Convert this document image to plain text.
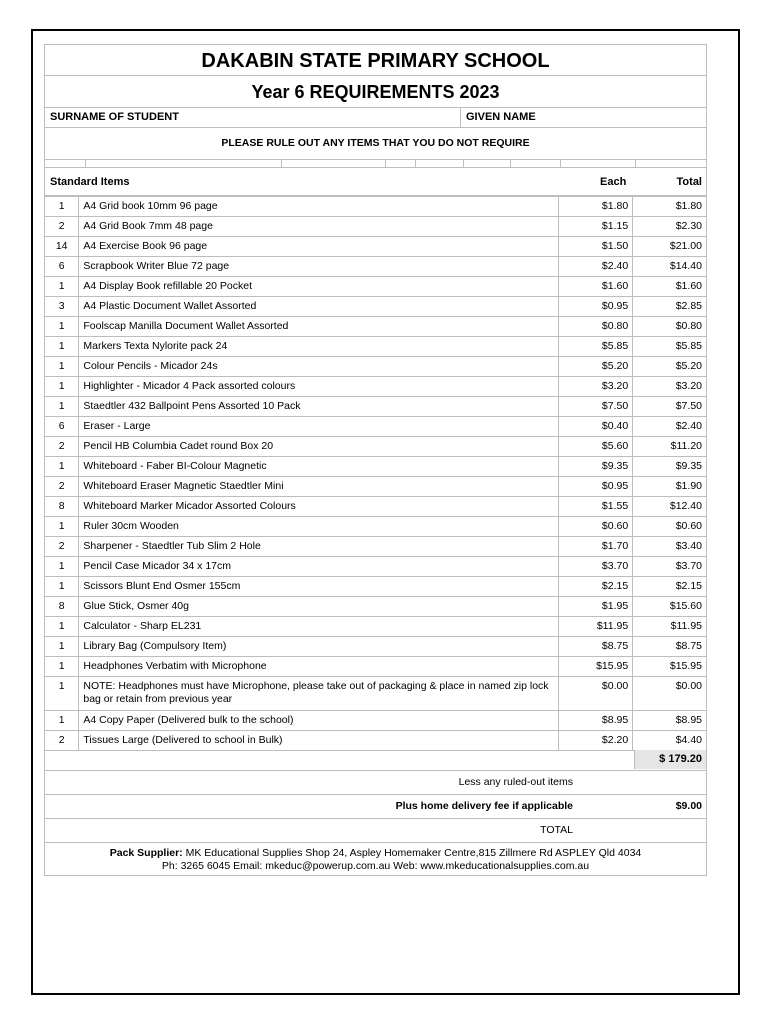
DAKABIN STATE PRIMARY SCHOOL
Year 6 REQUIREMENTS 2023
SURNAME OF STUDENT	GIVEN NAME
PLEASE RULE OUT ANY ITEMS THAT YOU DO NOT REQUIRE
Standard Items	Each	Total
1	A4 Grid book 10mm 96 page	$1.80	$1.80
2	A4 Grid Book 7mm 48 page	$1.15	$2.30
14	A4 Exercise Book 96 page	$1.50	$21.00
6	Scrapbook Writer Blue 72 page	$2.40	$14.40
1	A4 Display Book refillable 20 Pocket	$1.60	$1.60
3	A4 Plastic Document Wallet Assorted	$0.95	$2.85
1	Foolscap Manilla Document Wallet Assorted	$0.80	$0.80
1	Markers Texta Nylorite pack 24	$5.85	$5.85
1	Colour Pencils - Micador 24s	$5.20	$5.20
1	Highlighter - Micador 4 Pack assorted colours	$3.20	$3.20
1	Staedtler 432 Ballpoint Pens Assorted 10 Pack	$7.50	$7.50
6	Eraser - Large	$0.40	$2.40
2	Pencil HB Columbia Cadet round Box 20	$5.60	$11.20
1	Whiteboard - Faber BI-Colour Magnetic	$9.35	$9.35
2	Whiteboard Eraser Magnetic Staedtler Mini	$0.95	$1.90
8	Whiteboard Marker Micador Assorted Colours	$1.55	$12.40
1	Ruler 30cm Wooden	$0.60	$0.60
2	Sharpener - Staedtler Tub Slim 2 Hole	$1.70	$3.40
1	Pencil Case Micador 34 x 17cm	$3.70	$3.70
1	Scissors Blunt End Osmer 155cm	$2.15	$2.15
8	Glue Stick, Osmer 40g	$1.95	$15.60
1	Calculator - Sharp EL231	$11.95	$11.95
1	Library Bag (Compulsory Item)	$8.75	$8.75
1	Headphones Verbatim with Microphone	$15.95	$15.95
1	NOTE: Headphones must have Microphone, please take out of packaging & place in named zip lock bag or retain from previous year	$0.00	$0.00
1	A4 Copy Paper (Delivered bulk to the school)	$8.95	$8.95
2	Tissues Large (Delivered to school in Bulk)	$2.20	$4.40
$ 179.20
Less any ruled-out items
Plus home delivery fee if applicable	$9.00
TOTAL
Pack Supplier: MK Educational Supplies Shop 24, Aspley Homemaker Centre,815 Zillmere Rd ASPLEY Qld 4034
Ph: 3265 6045 Email: mkeduc@powerup.com.au Web: www.mkeducationalsupplies.com.au
